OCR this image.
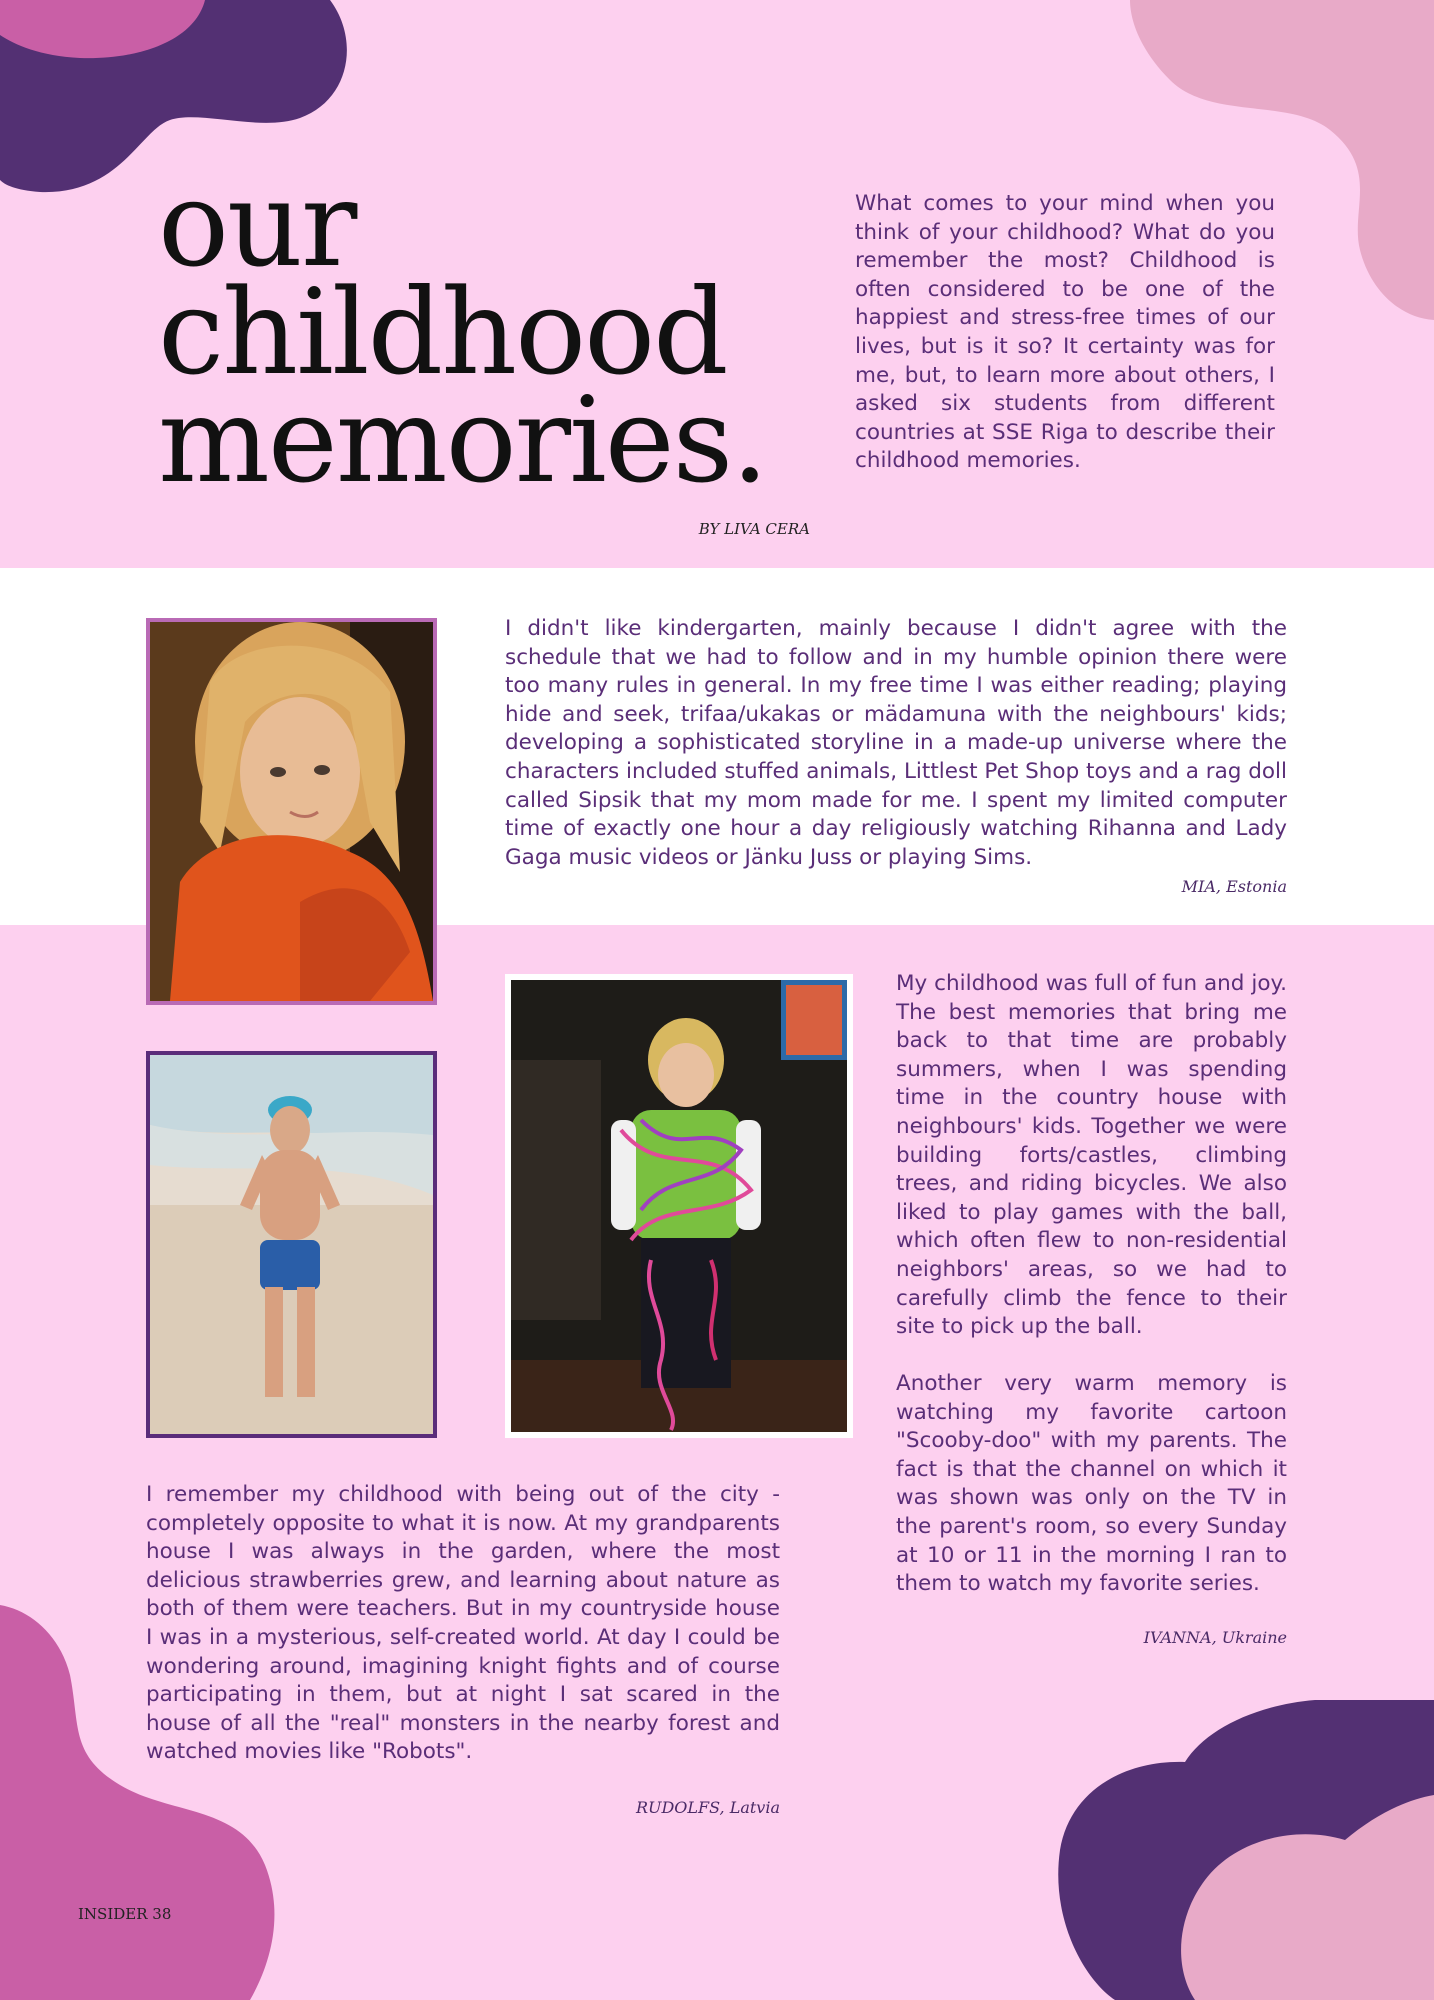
our
childhood
memories.
BY LIVA CERA

What comes to your mind when you think of your childhood? What do you remember the most? Childhood is often considered to be one of the happiest and stress-free times of our lives, but is it so? It certainty was for me, but, to learn more about others, I asked six students from different countries at SSE Riga to describe their childhood memories.

I didn't like kindergarten, mainly because I didn't agree with the schedule that we had to follow and in my humble opinion there were too many rules in general. In my free time I was either reading; playing hide and seek, trifaa/ukakas or mädamuna with the neighbours' kids; developing a sophisticated storyline in a made-up universe where the characters included stuffed animals, Littlest Pet Shop toys and a rag doll called Sipsik that my mom made for me. I spent my limited computer time of exactly one hour a day religiously watching Rihanna and Lady Gaga music videos or Jänku Juss or playing Sims.

MIA, Estonia

My childhood was full of fun and joy. The best memories that bring me back to that time are probably summers, when I was spending time in the country house with neighbours' kids. Together we were building forts/castles, climbing trees, and riding bicycles. We also liked to play games with the ball, which often flew to non-residential neighbors' areas, so we had to carefully climb the fence to their site to pick up the ball.

Another very warm memory is watching my favorite cartoon "Scooby-doo" with my parents. The fact is that the channel on which it was shown was only on the TV in the parent's room, so every Sunday at 10 or 11 in the morning I ran to them to watch my favorite series.

IVANNA, Ukraine

I remember my childhood with being out of the city - completely opposite to what it is now. At my grandparents house I was always in the garden, where the most delicious strawberries grew, and learning about nature as both of them were teachers. But in my countryside house I was in a mysterious, self-created world. At day I could be wondering around, imagining knight fights and of course participating in them, but at night I sat scared in the house of all the "real" monsters in the nearby forest and watched movies like "Robots".

RUDOLFS, Latvia
INSIDER 38
